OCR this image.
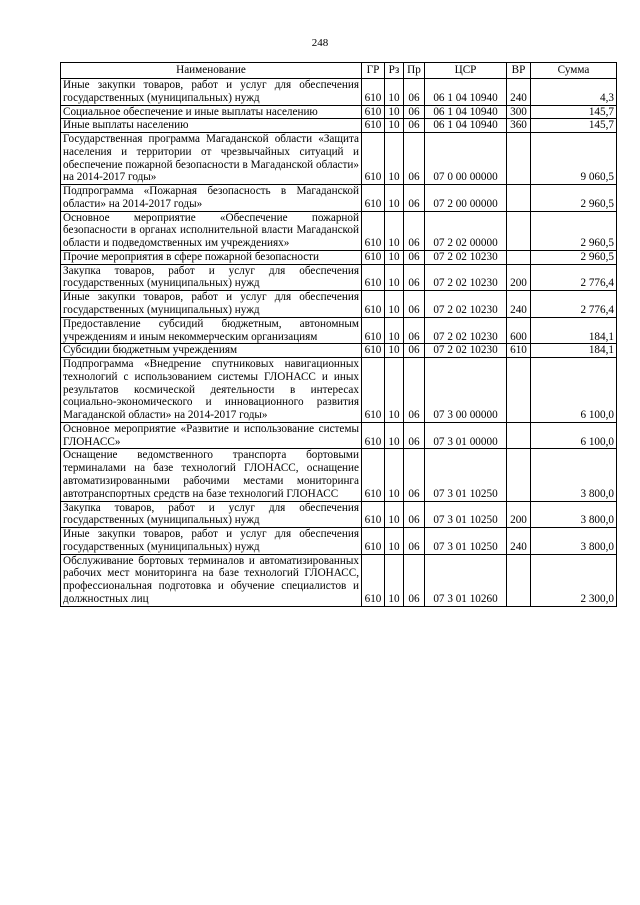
248
Наименование	ГР	Рз	Пр	ЦСР	ВР	Сумма
Иные закупки товаров, работ и услуг для обеспечения государственных (муниципальных) нужд	610	10	06	06 1 04 10940	240	4,3
Социальное обеспечение и иные выплаты населению	610	10	06	06 1 04 10940	300	145,7
Иные выплаты населению	610	10	06	06 1 04 10940	360	145,7
Государственная программа Магаданской области «Защита населения и территории от чрезвычайных ситуаций и обеспечение пожарной безопасности в Магаданской области» на 2014-2017 годы»	610	10	06	07 0 00 00000		9 060,5
Подпрограмма «Пожарная безопасность в Магаданской области» на 2014-2017 годы»	610	10	06	07 2 00 00000		2 960,5
Основное мероприятие «Обеспечение пожарной безопасности в органах исполнительной власти Магаданской области и подведомственных им учреждениях»	610	10	06	07 2 02 00000		2 960,5
Прочие мероприятия в сфере пожарной безопасности	610	10	06	07 2 02 10230		2 960,5
Закупка товаров, работ и услуг для обеспечения государственных (муниципальных) нужд	610	10	06	07 2 02 10230	200	2 776,4
Иные закупки товаров, работ и услуг для обеспечения государственных (муниципальных) нужд	610	10	06	07 2 02 10230	240	2 776,4
Предоставление субсидий бюджетным, автономным учреждениям и иным некоммерческим организациям	610	10	06	07 2 02 10230	600	184,1
Субсидии бюджетным учреждениям	610	10	06	07 2 02 10230	610	184,1
Подпрограмма «Внедрение спутниковых навигационных технологий с использованием системы ГЛОНАСС и иных результатов космической деятельности в интересах социально-экономического и инновационного развития Магаданской области» на 2014-2017 годы»	610	10	06	07 3 00 00000		6 100,0
Основное мероприятие «Развитие и использование системы ГЛОНАСС»	610	10	06	07 3 01 00000		6 100,0
Оснащение ведомственного транспорта бортовыми терминалами на базе технологий ГЛОНАСС, оснащение автоматизированными рабочими местами мониторинга автотранспортных средств на базе технологий ГЛОНАСС	610	10	06	07 3 01 10250		3 800,0
Закупка товаров, работ и услуг для обеспечения государственных (муниципальных) нужд	610	10	06	07 3 01 10250	200	3 800,0
Иные закупки товаров, работ и услуг для обеспечения государственных (муниципальных) нужд	610	10	06	07 3 01 10250	240	3 800,0
Обслуживание бортовых терминалов и автоматизированных рабочих мест мониторинга на базе технологий ГЛОНАСС, профессиональная подготовка и обучение специалистов и должностных лиц	610	10	06	07 3 01 10260		2 300,0
